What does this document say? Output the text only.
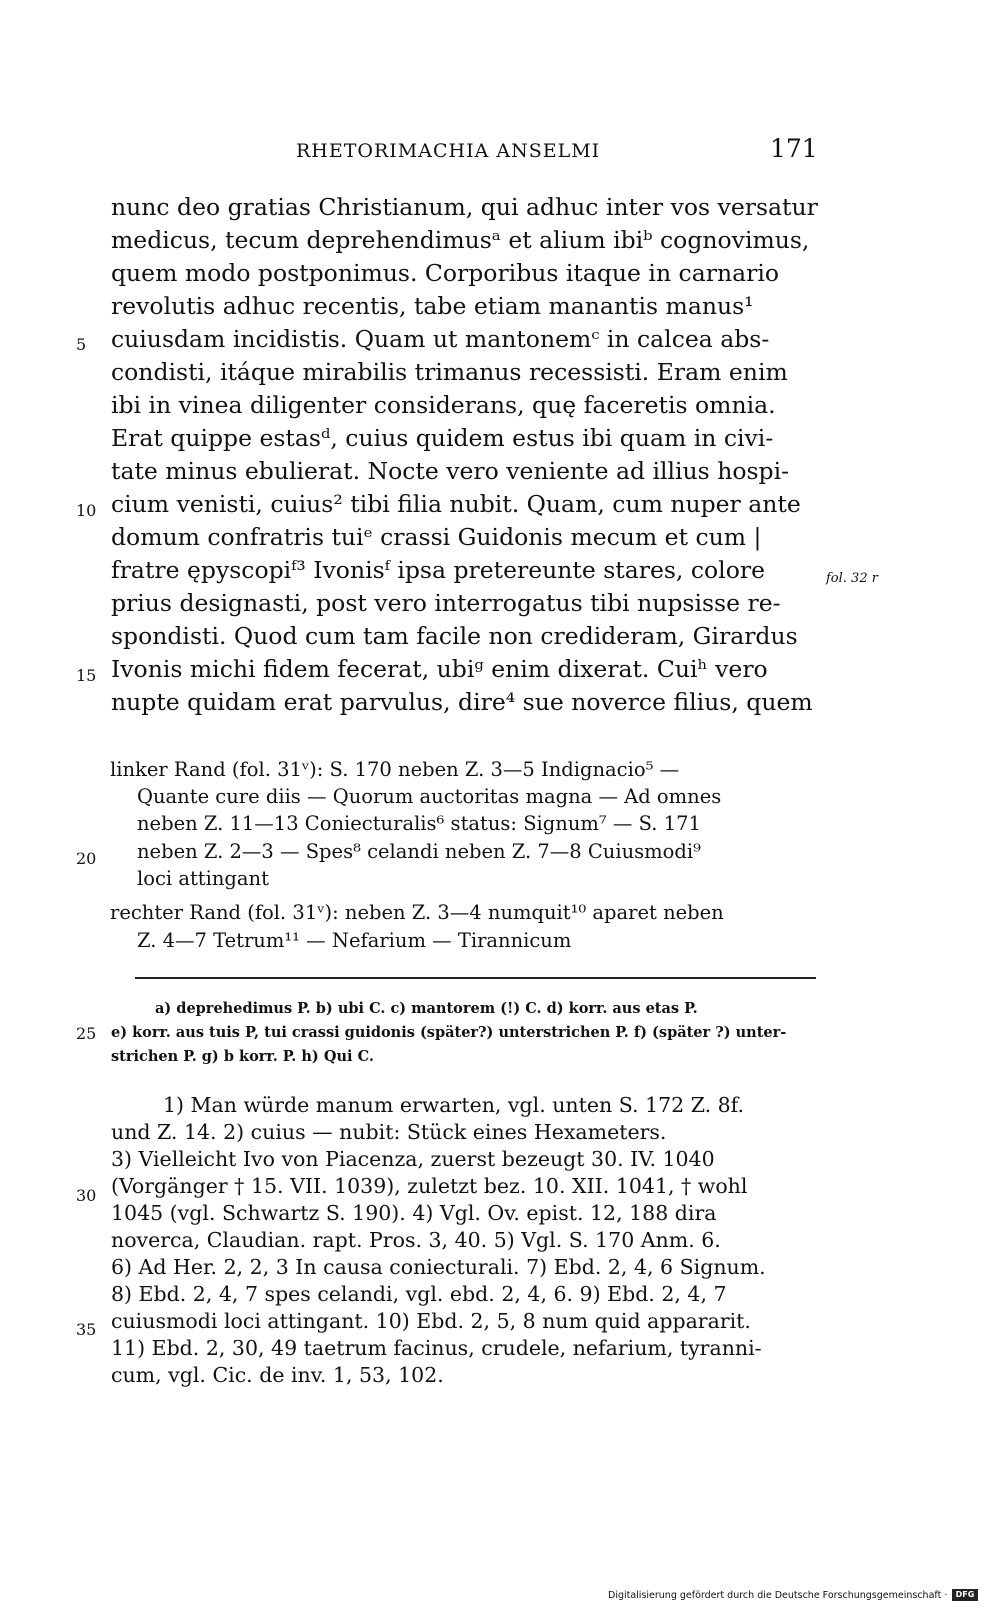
RHETORIMACHIA ANSELMI	171
nunc deo gratias Christianum, qui adhuc inter vos versatur
medicus, tecum deprehendimusᵃ et alium ibiᵇ cognovimus,
quem modo postponimus. Corporibus itaque in carnario
revolutis adhuc recentis, tabe etiam manantis manus¹
cuiusdam incidistis. Quam ut mantonemᶜ in calcea abs-
condisti, itáque mirabilis trimanus recessisti. Eram enim
ibi in vinea diligenter considerans, quę faceretis omnia.
Erat quippe estasᵈ, cuius quidem estus ibi quam in civi-
tate minus ebulierat. Nocte vero veniente ad illius hospi-
cium venisti, cuius² tibi filia nubit. Quam, cum nuper ante
domum confratris tuiᵉ crassi Guidonis mecum et cum |
fratre ępyscopiᶠ³ Ivonisᶠ ipsa pretereunte stares, colore
prius designasti, post vero interrogatus tibi nupsisse re-
spondisti. Quod cum tam facile non credideram, Girardus
Ivonis michi fidem fecerat, ubiᵍ enim dixerat. Cuiʰ vero
nupte quidam erat parvulus, dire⁴ sue noverce filius, quem
5
10
15
20
25
30
35
fol. 32 r
linker Rand (fol. 31ᵛ): S. 170 neben Z. 3—5 Indignacio⁵ —
Quante cure diis — Quorum auctoritas magna — Ad omnes
neben Z. 11—13 Coniecturalis⁶ status: Signum⁷ — S. 171
neben Z. 2—3 — Spes⁸ celandi neben Z. 7—8 Cuiusmodi⁹
loci attingant
rechter Rand (fol. 31ᵛ): neben Z. 3—4 numquit¹⁰ aparet neben
Z. 4—7 Tetrum¹¹ — Nefarium — Tirannicum
a) deprehedimus P. b) ubi C. c) mantorem (!) C. d) korr. aus etas P.
e) korr. aus tuis P, tui crassi guidonis (später?) unterstrichen P. f) (später ?) unter-
strichen P. g) b korr. P. h) Qui C.
1) Man würde manum erwarten, vgl. unten S. 172 Z. 8f.
und Z. 14. 2) cuius — nubit: Stück eines Hexameters.
3) Vielleicht Ivo von Piacenza, zuerst bezeugt 30. IV. 1040
(Vorgänger † 15. VII. 1039), zuletzt bez. 10. XII. 1041, † wohl
1045 (vgl. Schwartz S. 190). 4) Vgl. Ov. epist. 12, 188 dira
noverca, Claudian. rapt. Pros. 3, 40. 5) Vgl. S. 170 Anm. 6.
6) Ad Her. 2, 2, 3 In causa coniecturali. 7) Ebd. 2, 4, 6 Signum.
8) Ebd. 2, 4, 7 spes celandi, vgl. ebd. 2, 4, 6. 9) Ebd. 2, 4, 7
cuiusmodi loci attingant. 10) Ebd. 2, 5, 8 num quid appararit.
11) Ebd. 2, 30, 49 taetrum facinus, crudele, nefarium, tyranni-
cum, vgl. Cic. de inv. 1, 53, 102.
Digitalisierung gefördert durch die Deutsche Forschungsgemeinschaft ·	DFG
